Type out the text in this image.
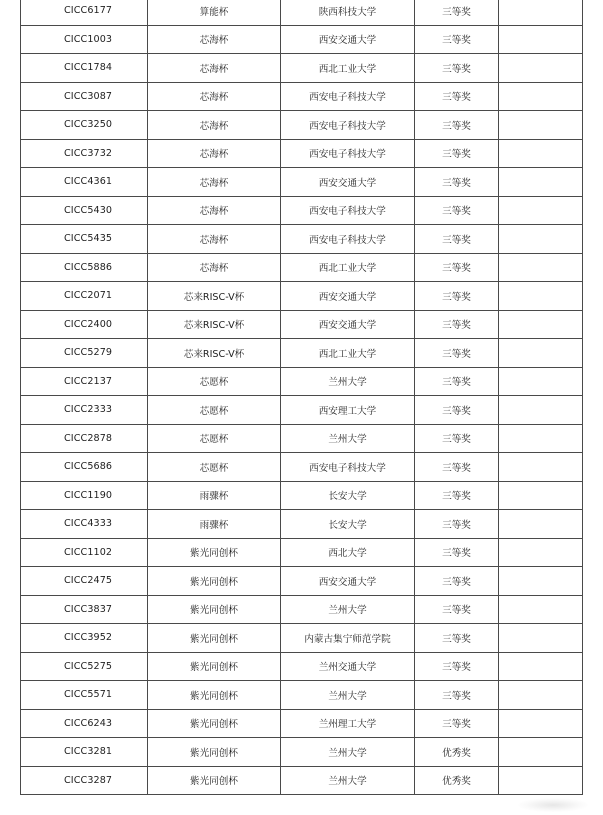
CICC6177	算能杯	陕西科技大学	三等奖	
CICC1003	芯海杯	西安交通大学	三等奖	
CICC1784	芯海杯	西北工业大学	三等奖	
CICC3087	芯海杯	西安电子科技大学	三等奖	
CICC3250	芯海杯	西安电子科技大学	三等奖	
CICC3732	芯海杯	西安电子科技大学	三等奖	
CICC4361	芯海杯	西安交通大学	三等奖	
CICC5430	芯海杯	西安电子科技大学	三等奖	
CICC5435	芯海杯	西安电子科技大学	三等奖	
CICC5886	芯海杯	西北工业大学	三等奖	
CICC2071	芯来RISC-V杯	西安交通大学	三等奖	
CICC2400	芯来RISC-V杯	西安交通大学	三等奖	
CICC5279	芯来RISC-V杯	西北工业大学	三等奖	
CICC2137	芯愿杯	兰州大学	三等奖	
CICC2333	芯愿杯	西安理工大学	三等奖	
CICC2878	芯愿杯	兰州大学	三等奖	
CICC5686	芯愿杯	西安电子科技大学	三等奖	
CICC1190	雨骤杯	长安大学	三等奖	
CICC4333	雨骤杯	长安大学	三等奖	
CICC1102	紫光同创杯	西北大学	三等奖	
CICC2475	紫光同创杯	西安交通大学	三等奖	
CICC3837	紫光同创杯	兰州大学	三等奖	
CICC3952	紫光同创杯	内蒙古集宁师范学院	三等奖	
CICC5275	紫光同创杯	兰州交通大学	三等奖	
CICC5571	紫光同创杯	兰州大学	三等奖	
CICC6243	紫光同创杯	兰州理工大学	三等奖	
CICC3281	紫光同创杯	兰州大学	优秀奖	
CICC3287	紫光同创杯	兰州大学	优秀奖	
